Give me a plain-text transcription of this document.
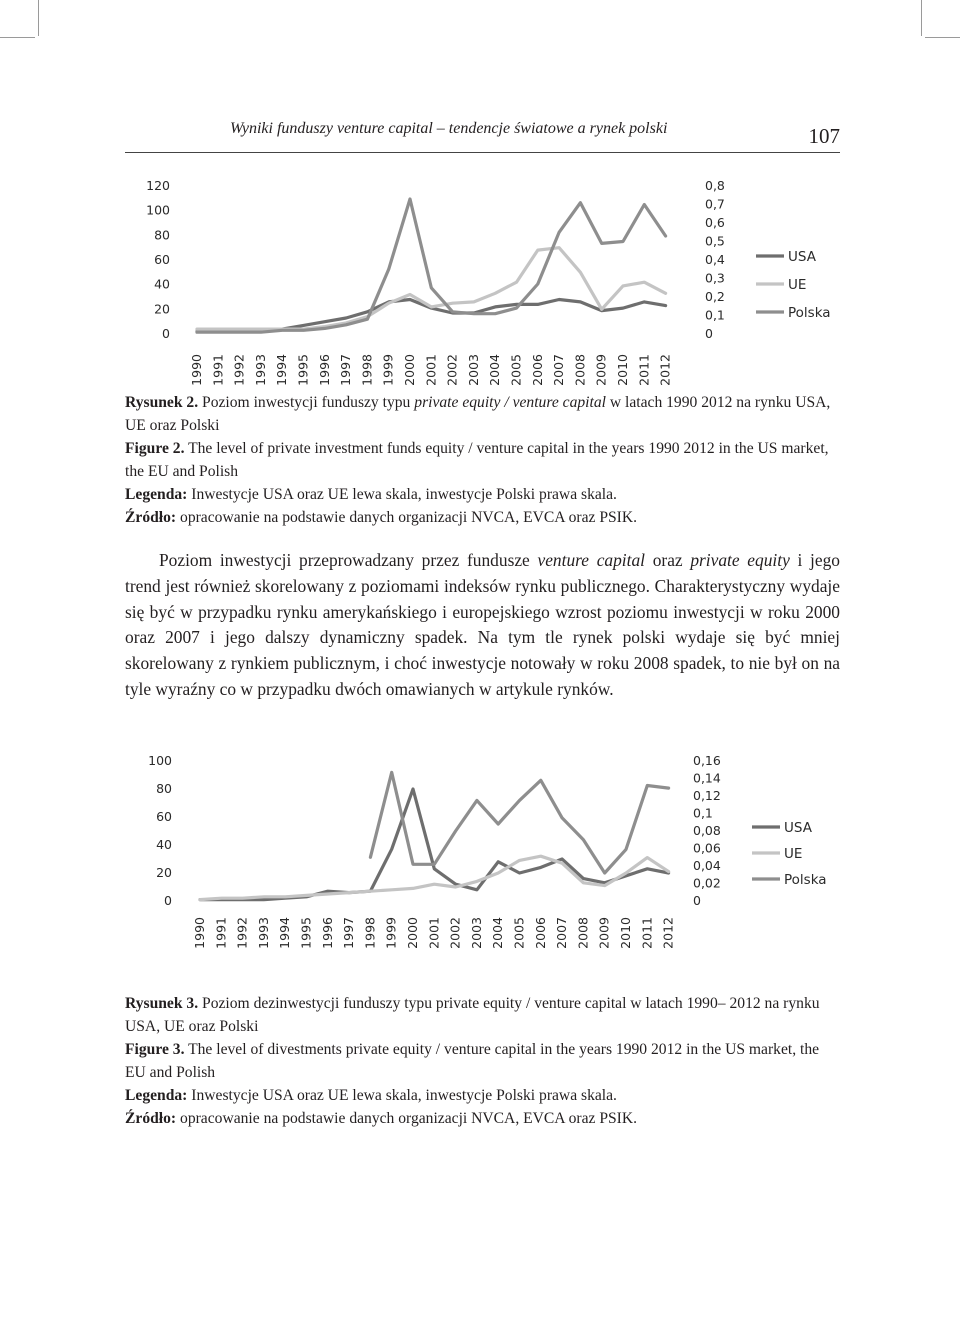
Wyniki funduszy venture capital – tendencje światowe a rynek polski	107
0
20
40
60
80
100
120
0
0,1
0,2
0,3
0,4
0,5
0,6
0,7
0,8
1990 1991 1992 1993 1994 1995 1996 1997 1998 1999 2000 2001 2002 2003 2004 2005 2006 2007 2008 2009 2010 2011 2012
USA
UE
Polska

Rysunek 2. Poziom inwestycji funduszy typu private equity / venture capital w latach 1990 2012 na rynku USA, UE oraz Polski

Figure 2. The level of private investment funds equity / venture capital in the years 1990 2012 in the US market, the EU and Polish

Legenda: Inwestycje USA oraz UE lewa skala, inwestycje Polski prawa skala.

Źródło: opracowanie na podstawie danych organizacji NVCA, EVCA oraz PSIK.

Poziom inwestycji przeprowadzany przez fundusze venture capital oraz private equity i jego trend jest również skorelowany z poziomami indeksów rynku publicznego. Charakterystyczny wydaje się być w przypadku rynku amerykańskiego i europejskiego wzrost poziomu inwestycji w roku 2000 oraz 2007 i jego dalszy dynamiczny spadek. Na tym tle rynek polski wydaje się być mniej skorelowany z rynkiem publicznym, i choć inwestycje notowały w roku 2008 spadek, to nie był on na tyle wyraźny co w przypadku dwóch omawianych w artykule rynków.

0
20
40
60
80
100
0
0,02
0,04
0,06
0,08
0,1
0,12
0,14
0,16
1990 1991 1992 1993 1994 1995 1996 1997 1998 1999 2000 2001 2002 2003 2004 2005 2006 2007 2008 2009 2010 2011 2012
USA
UE
Polska

Rysunek 3. Poziom dezinwestycji funduszy typu private equity / venture capital w latach 1990– 2012 na rynku USA, UE oraz Polski

Figure 3. The level of divestments private equity / venture capital in the years 1990 2012 in the US market, the EU and Polish

Legenda: Inwestycje USA oraz UE lewa skala, inwestycje Polski prawa skala.

Źródło: opracowanie na podstawie danych organizacji NVCA, EVCA oraz PSIK.
